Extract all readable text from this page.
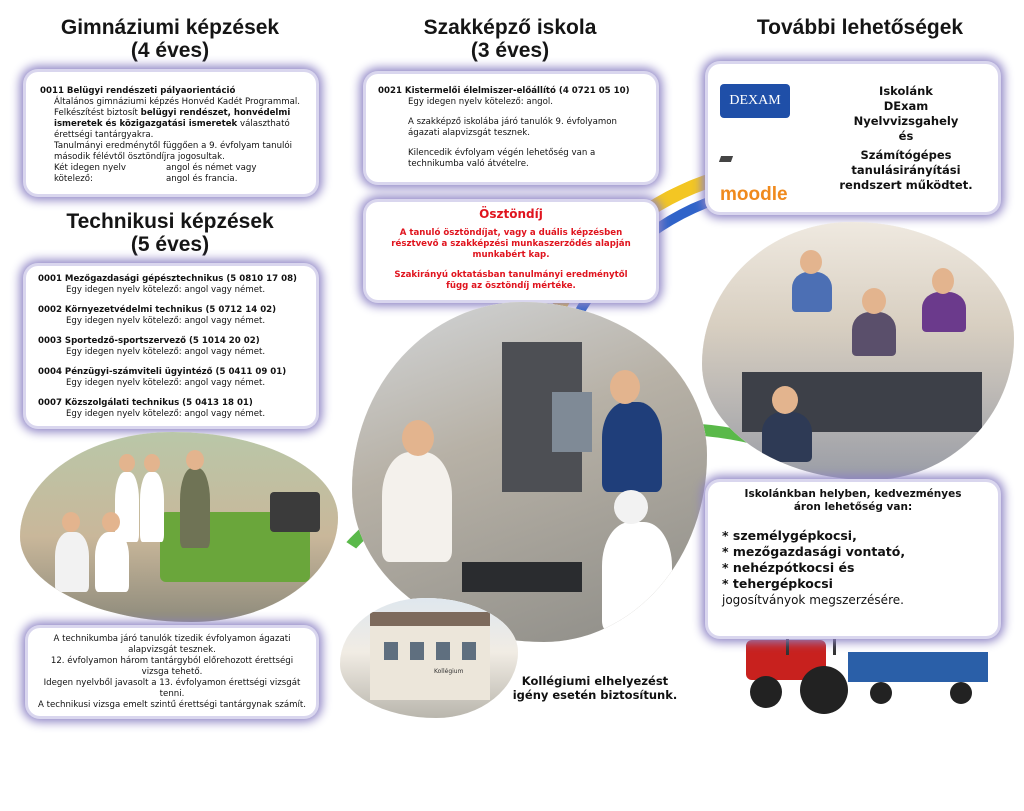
Gimnáziumi képzések
(4 éves)
0011 Belügyi rendészeti pályaorientáció
Általános gimnáziumi képzés Honvéd Kadét Programmal.
Felkészítést biztosít belügyi rendészet, honvédelmi ismeretek és közigazgatási ismeretek választható érettségi tantárgyakra.
Tanulmányi eredménytől függően a 9. évfolyam tanulói második félévtől ösztöndíjra jogosultak.
Két idegen nyelv kötelező:
angol és német vagy
angol és francia.
Technikusi képzések
(5 éves)
0001 Mezőgazdasági gépésztechnikus (5 0810 17 08)
Egy idegen nyelv kötelező: angol vagy német.
0002 Környezetvédelmi technikus (5 0712 14 02)
Egy idegen nyelv kötelező: angol vagy német.
0003 Sportedző-sportszervező (5 1014 20 02)
Egy idegen nyelv kötelező: angol vagy német.
0004 Pénzügyi-számviteli ügyintéző (5 0411 09 01)
Egy idegen nyelv kötelező: angol vagy német.
0007 Közszolgálati technikus (5 0413 18 01)
Egy idegen nyelv kötelező: angol vagy német.
Szakképző iskola
(3 éves)
0021 Kistermelői élelmiszer-előállító (4 0721 05 10)
Egy idegen nyelv kötelező: angol.
A szakképző iskolába járó tanulók 9. évfolyamon ágazati alapvizsgát tesznek.
Kilencedik évfolyam végén lehetőség van a technikumba való átvételre.
Ösztöndíj
A tanuló ösztöndíjat, vagy a duális képzésben résztvevő a szakképzési munkaszerződés alapján munkabért kap.
Szakirányú oktatásban tanulmányi eredménytől függ az ösztöndíj mértéke.
További lehetőségek
DEXAM
moodle
Iskolánk
DExam
Nyelvvizsgahely
és
Számítógépes
tanulásirányítási
rendszert működtet.
Kollégium
Iskolánkban helyben, kedvezményes áron lehetőség van:
* személygépkocsi,
* mezőgazdasági vontató,
* nehézpótkocsi és
* tehergépkocsi
jogosítványok megszerzésére.
A technikumba járó tanulók tizedik évfolyamon ágazati alapvizsgát tesznek.
12. évfolyamon három tantárgyból előrehozott érettségi vizsga tehető.
Idegen nyelvből javasolt a 13. évfolyamon érettségi vizsgát tenni.
A technikusi vizsga emelt szintű érettségi tantárgynak számít.
Kollégiumi elhelyezést
igény esetén biztosítunk.
